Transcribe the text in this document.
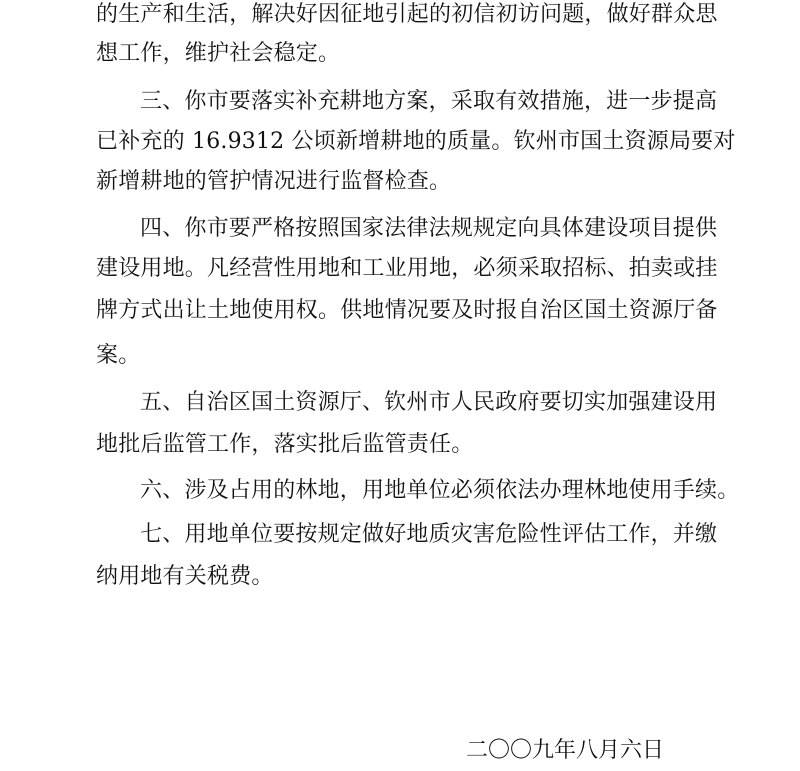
的生产和生活，解决好因征地引起的初信初访问题，做好群众思

想工作，维护社会稳定。

三、你市要落实补充耕地方案，采取有效措施，进一步提高

已补充的 16.9312 公顷新增耕地的质量。钦州市国土资源局要对

新增耕地的管护情况进行监督检查。

四、你市要严格按照国家法律法规规定向具体建设项目提供

建设用地。凡经营性用地和工业用地，必须采取招标、拍卖或挂

牌方式出让土地使用权。供地情况要及时报自治区国土资源厅备

案。

五、自治区国土资源厅、钦州市人民政府要切实加强建设用

地批后监管工作，落实批后监管责任。

六、涉及占用的林地，用地单位必须依法办理林地使用手续。

七、用地单位要按规定做好地质灾害危险性评估工作，并缴

纳用地有关税费。

二〇〇九年八月六日
